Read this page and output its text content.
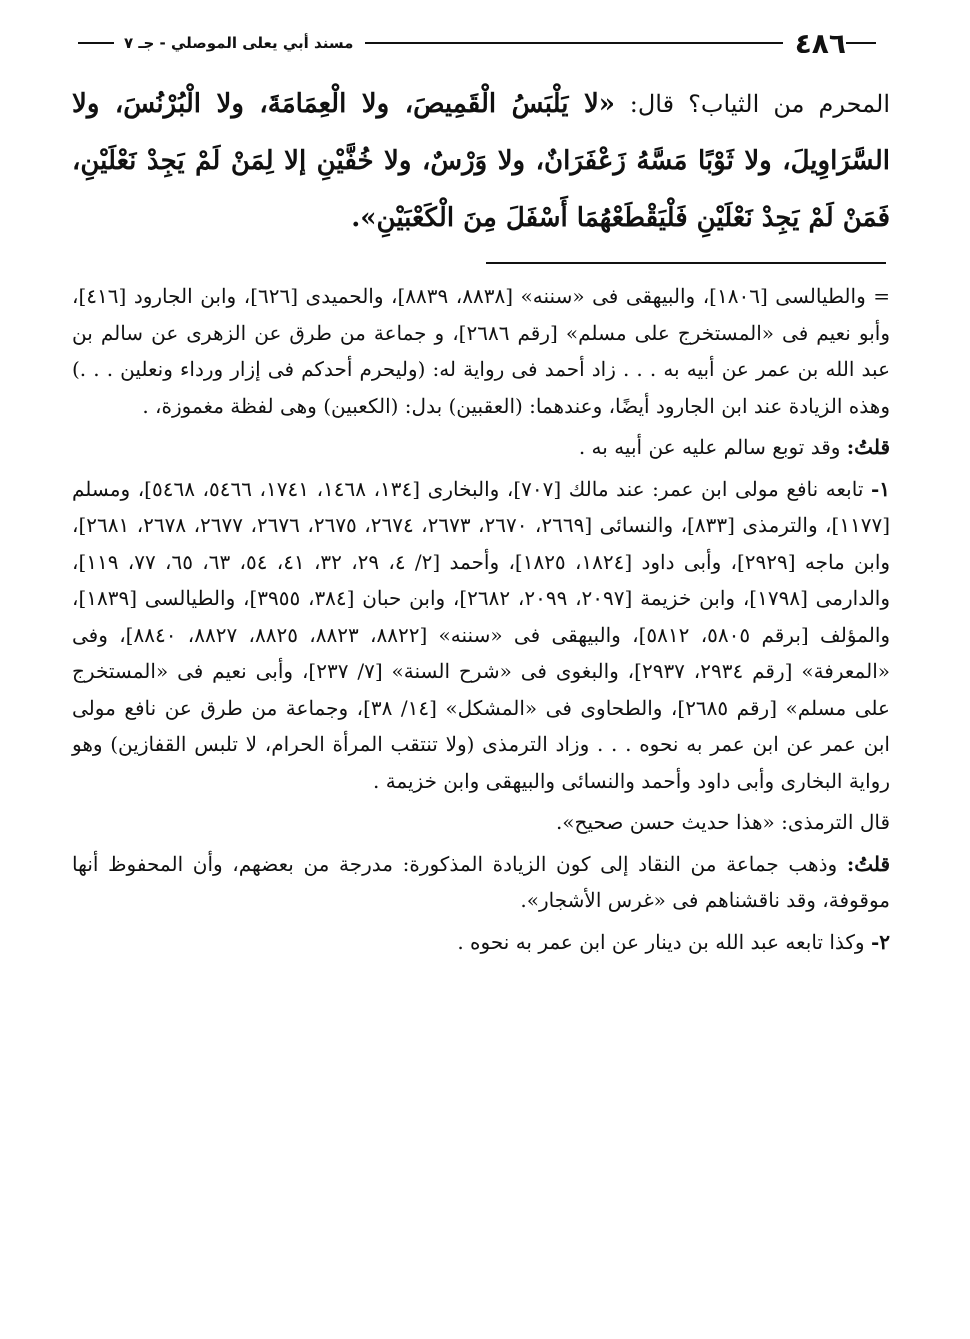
٤٨٦
مسند أبي يعلى الموصلي - جـ ٧

المحرم من الثياب؟ قال: «لا يَلْبَسُ الْقَمِيصَ، ولا الْعِمَامَةَ، ولا الْبُرْنُسَ، ولا السَّرَاوِيلَ، ولا ثَوْبًا مَسَّهُ زَعْفَرَانٌ، ولا وَرْسٌ، ولا خُفَّيْنِ إلا لِمَنْ لَمْ يَجِدْ نَعْلَيْنِ، فَمَنْ لَمْ يَجِدْ نَعْلَيْنِ فَلْيَقْطَعْهُمَا أَسْفَلَ مِنَ الْكَعْبَيْنِ».

= والطيالسى [١٨٠٦]، والبيهقى فى «سننه» [٨٨٣٨، ٨٨٣٩]، والحميدى [٦٢٦]، وابن الجارود [٤١٦]، وأبو نعيم فى «المستخرج على مسلم» [رقم ٢٦٨٦]، و جماعة من طرق عن الزهرى عن سالم بن عبد الله بن عمر عن أبيه به . . . زاد أحمد فى رواية له: (وليحرم أحدكم فى إزار ورداء ونعلين . . .) وهذه الزيادة عند ابن الجارود أيضًا، وعندهما: (العقبين) بدل: (الكعبين) وهى لفظة مغموزة، .

قلتُ: وقد توبع سالم عليه عن أبيه به .

١- تابعه نافع مولى ابن عمر: عند مالك [٧٠٧]، والبخارى [١٣٤، ١٤٦٨، ١٧٤١، ٥٤٦٦، ٥٤٦٨]، ومسلم [١١٧٧]، والترمذى [٨٣٣]، والنسائى [٢٦٦٩، ٢٦٧٠، ٢٦٧٣، ٢٦٧٤، ٢٦٧٥، ٢٦٧٦، ٢٦٧٧، ٢٦٧٨، ٢٦٨١]، وابن ماجه [٢٩٢٩]، وأبى داود [١٨٢٤، ١٨٢٥]، وأحمد [٢/ ٤، ٢٩، ٣٢، ٤١، ٥٤، ٦٣، ٦٥، ٧٧، ١١٩]، والدارمى [١٧٩٨]، وابن خزيمة [٢٠٩٧، ٢٠٩٩، ٢٦٨٢]، وابن حبان [٣٨٤، ٣٩٥٥]، والطيالسى [١٨٣٩]، والمؤلف [برقم ٥٨٠٥، ٥٨١٢]، والبيهقى فى «سننه» [٨٨٢٢، ٨٨٢٣، ٨٨٢٥، ٨٨٢٧، ٨٨٤٠]، وفى «المعرفة» [رقم ٢٩٣٤، ٢٩٣٧]، والبغوى فى «شرح السنة» [٧/ ٢٣٧]، وأبى نعيم فى «المستخرج على مسلم» [رقم ٢٦٨٥]، والطحاوى فى «المشكل» [١٤/ ٣٨]، وجماعة من طرق عن نافع مولى ابن عمر عن ابن عمر به نحوه . . . وزاد الترمذى (ولا تنتقب المرأة الحرام، لا تلبس القفازين) وهو رواية البخارى وأبى داود وأحمد والنسائى والبيهقى وابن خزيمة .

قال الترمذى: «هذا حديث حسن صحيح».

قلتُ: وذهب جماعة من النقاد إلى كون الزيادة المذكورة: مدرجة من بعضهم، وأن المحفوظ أنها موقوفة، وقد ناقشناهم فى «غرس الأشجار».

٢- وكذا تابعه عبد الله بن دينار عن ابن عمر به نحوه .
